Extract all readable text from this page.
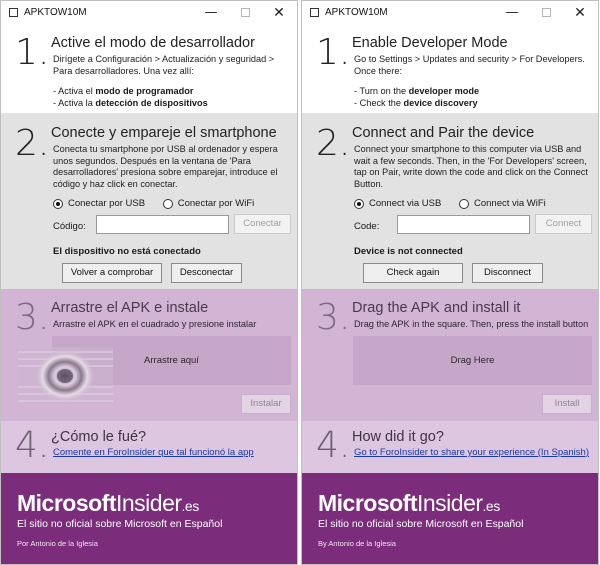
APKTOW10M	—	✕
1. Active el modo de desarrollador
Dirígete a Configuración > Actualización y seguridad > Para desarrolladores. Una vez allí:
- Activa el modo de programador
- Activa la detección de dispositivos
2. Conecte y empareje el smartphone
Conecta tu smartphone por USB al ordenador y espera unos segundos. Después en la ventana de 'Para desarrolladores' presiona sobre emparejar, introduce el código y haz click en conectar.
Conectar por USB
	Conectar por WiFi
Código:	Conectar
El dispositivo no está conectado
Volver a comprobar	Desconectar
3. Arrastre el APK e instale
Arrastre el APK en el cuadrado y presione instalar
Arrastre aquí
Instalar
4. ¿Cómo le fué?
Comente en ForoInsider que tal funcionó la app
MicrosoftInsider.es
El sitio no oficial sobre Microsoft en Español
Por Antonio de la Iglesia
APKTOW10M	—	✕
1. Enable Developer Mode
Go to Settings > Updates and security > For Developers. Once there:
- Turn on the developer mode
- Check the device discovery
2. Connect and Pair the device
Connect your smartphone to this computer via USB and wait a few seconds. Then, in the 'For Developers' screen, tap on Pair, write down the code and click on the Connect Button.
Connect via USB
	Connect via WiFi
Code:	Connect
Device is not connected
Check again	Disconnect
3. Drag the APK and install it
Drag the APK in the square. Then, press the install button
Drag Here
Install
4. How did it go?
Go to ForoInsider to share your experience (In Spanish)
MicrosoftInsider.es
El sitio no oficial sobre Microsoft en Español
By Antonio de la Iglesia
